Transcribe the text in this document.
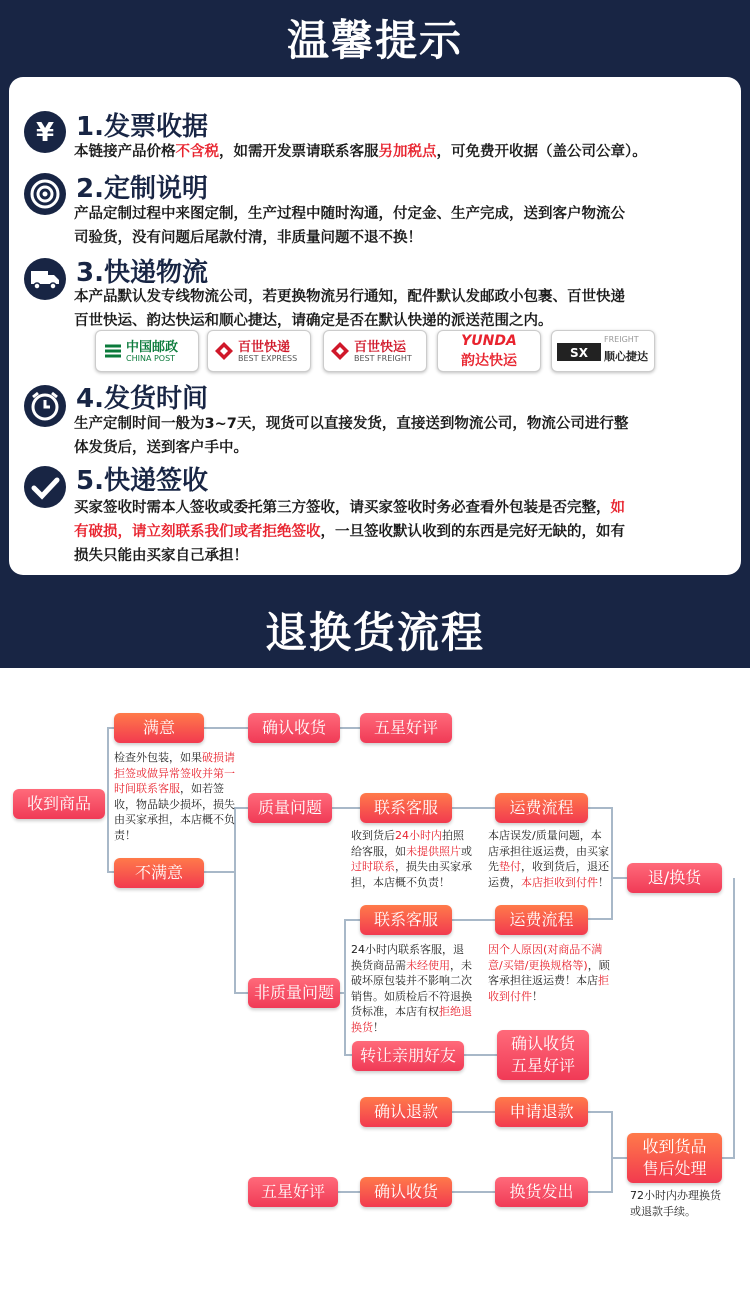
温馨提示
¥ 1.发票收据
本链接产品价格不含税，如需开发票请联系客服另加税点，可免费开收据（盖公司公章）。
2.定制说明
产品定制过程中来图定制，生产过程中随时沟通，付定金、生产完成，送到客户物流公
司验货，没有问题后尾款付清，非质量问题不退不换！
3.快递物流
本产品默认发专线物流公司，若更换物流另行通知，配件默认发邮政小包裹、百世快递
百世快运、韵达快运和顺心捷达，请确定是否在默认快递的派送范围之内。
中国邮政
CHINA POST
百世快递
BEST EXPRESS
百世快运
BEST FREIGHT
YUNDA
韵达快运	SX
FREIGHT
顺心捷达
4.发货时间
生产定制时间一般为3~7天，现货可以直接发货，直接送到物流公司，物流公司进行整
体发货后，送到客户手中。
5.快递签收
买家签收时需本人签收或委托第三方签收，请买家签收时务必查看外包装是否完整，如
有破损，请立刻联系我们或者拒绝签收，一旦签收默认收到的东西是完好无缺的，如有
损失只能由买家自己承担！
退换货流程
收到商品
满意	确认收货	五星好评
检查外包装，如果破损请拒签或做异常签收并第一时间联系客服，如若签收，物品缺少损坏，损失由买家承担，本店概不负责！
不满意
质量问题	联系客服
收到货后24小时内拍照给客服，如未提供照片或过时联系，损失由买家承担，本店概不负责！
运费流程
本店误发/质量问题，本店承担往返运费，由买家先垫付，收到货后，退还运费，本店拒收到付件！	退/换货
联系客服	运费流程
24小时内联系客服，退换货商品需未经使用，未破坏原包装并不影响二次销售。如质检后不符退换货标准，本店有权拒绝退换货！
因个人原因(对商品不满意/买错/更换规格等)，顾客承担往返运费！本店拒收到付件！
非质量问题
转让亲朋好友
确认收货
五星好评
确认退款	申请退款
收到货品
售后处理
72小时内办理换货或退款手续。
五星好评	确认收货	换货发出
